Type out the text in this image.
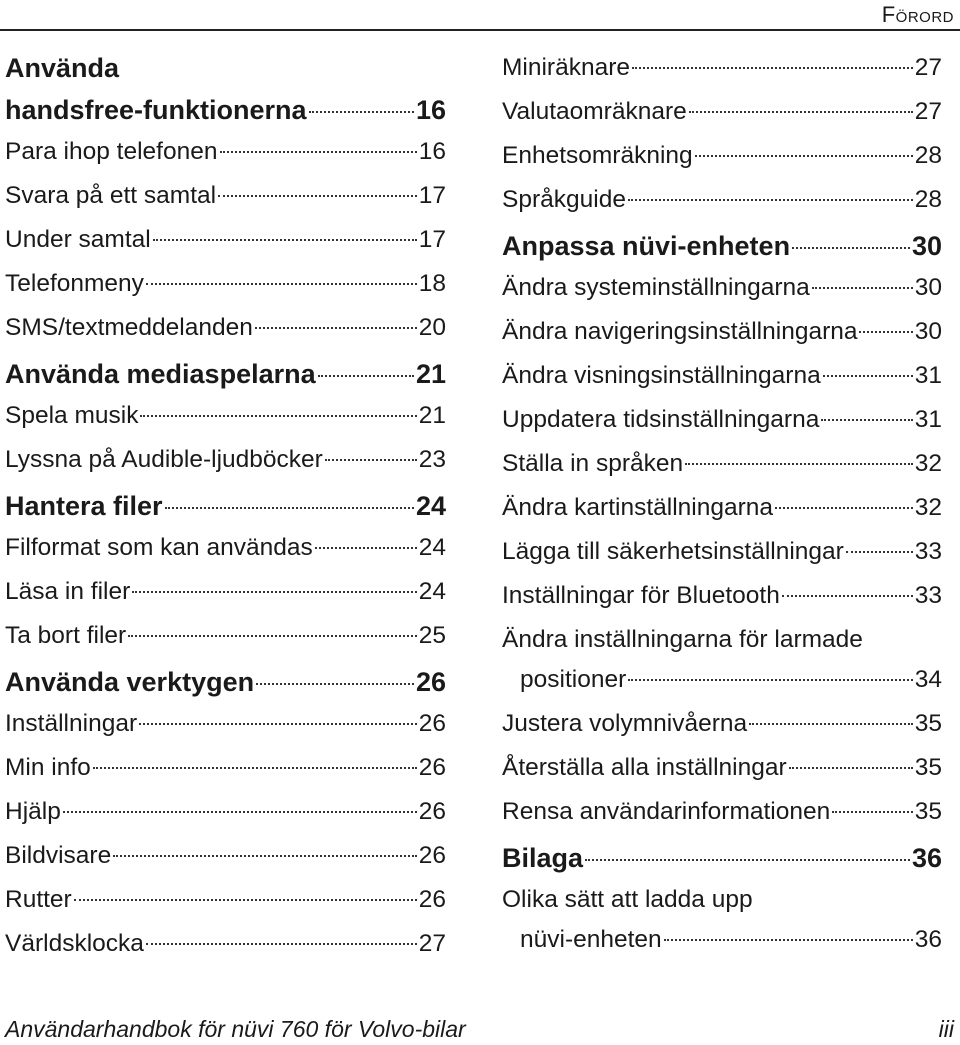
Förord
Använda
handsfree-funktionerna	16
Para ihop telefonen	16
Svara på ett samtal	17
Under samtal	17
Telefonmeny	18
SMS/textmeddelanden	20
Använda mediaspelarna	21
Spela musik	21
Lyssna på Audible-ljudböcker	23
Hantera filer	24
Filformat som kan användas	24
Läsa in filer	24
Ta bort filer	25
Använda verktygen	26
Inställningar	26
Min info	26
Hjälp	26
Bildvisare	26
Rutter	26
Världsklocka	27
Miniräknare	27
Valutaomräknare	27
Enhetsomräkning	28
Språkguide	28
Anpassa nüvi-enheten	30
Ändra systeminställningarna	30
Ändra navigeringsinställningarna 30
Ändra visningsinställningarna	31
Uppdatera tidsinställningarna	31
Ställa in språken	32
Ändra kartinställningarna	32
Lägga till säkerhetsinställningar	33
Inställningar för Bluetooth	33
Ändra inställningarna för larmade
positioner	34
Justera volymnivåerna	35
Återställa alla inställningar	35
Rensa användarinformationen	35
Bilaga	36
Olika sätt att ladda upp
nüvi-enheten	36
Användarhandbok för nüvi 760 för Volvo-bilar	iii
